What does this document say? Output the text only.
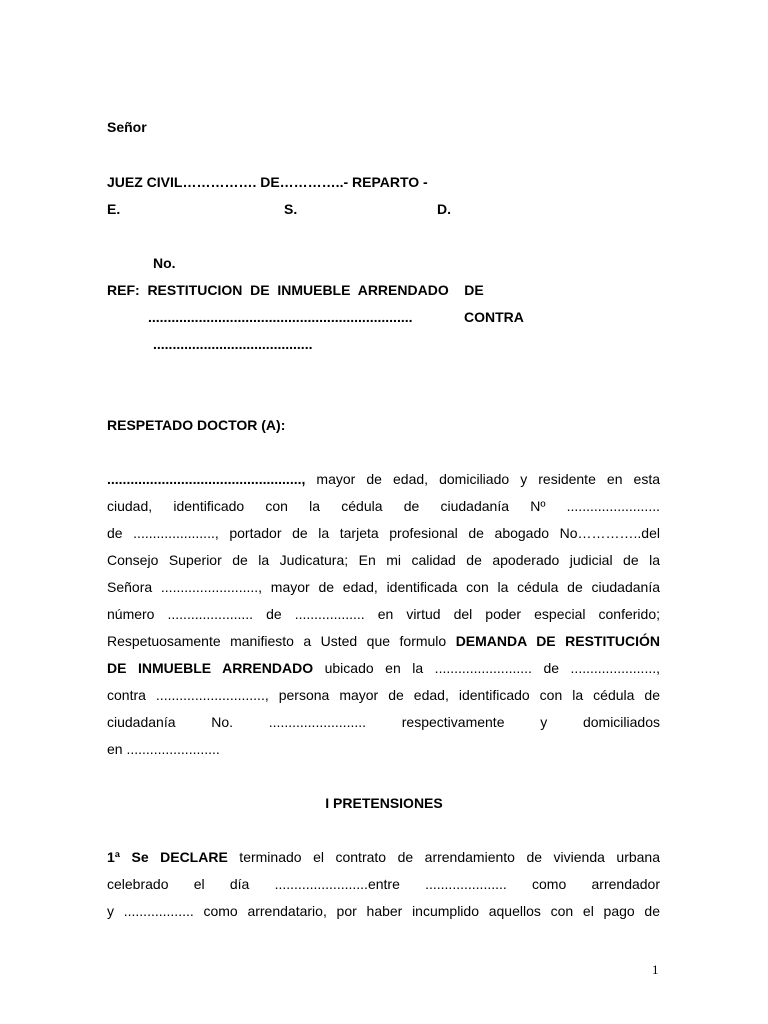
Señor
JUEZ CIVIL……………. DE…………..- REPARTO -
E.	S.	D.
No.
REF:  RESTITUCION  DE  INMUEBLE  ARRENDADO    DE
....................................................................	CONTRA
.........................................
RESPETADO DOCTOR (A):
.................................................., mayor de edad, domiciliado y residente en esta
ciudad, identificado con la cédula de ciudadanía Nº ........................
de ....................., portador de la tarjeta profesional de abogado No…………..del
Consejo Superior de la Judicatura; En mi calidad de apoderado judicial de la
Señora ........................., mayor de edad, identificada con la cédula de ciudadanía
número ...................... de .................. en virtud del poder especial conferido;
Respetuosamente manifiesto a Usted que formulo DEMANDA DE RESTITUCIÓN
DE INMUEBLE ARRENDADO ubicado en la ......................... de ......................,
contra ............................, persona mayor de edad, identificado con la cédula de
ciudadanía No. ......................... respectivamente y domiciliados
en ........................
I PRETENSIONES
1ª Se DECLARE terminado el contrato de arrendamiento de vivienda urbana
celebrado el día ........................entre ..................... como arrendador
y .................. como arrendatario, por haber incumplido aquellos con el pago de
1
